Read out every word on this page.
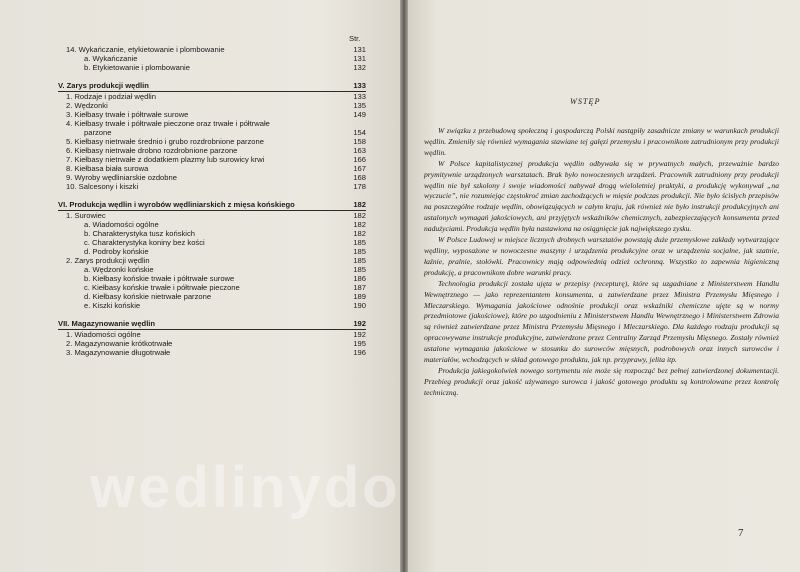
Str.
14. Wykańczanie, etykietowanie i plombowanie	131
a. Wykańczanie	131
b. Etykietowanie i plombowanie	132
V. Zarys produkcji wędlin	133
1. Rodzaje i podział wędlin	133
2. Wędzonki	135
3. Kiełbasy trwałe i półtrwałe surowe	149
4. Kiełbasy trwałe i półtrwałe pieczone oraz trwałe i półtrwałe
parzone	154
5. Kiełbasy nietrwałe średnio i grubo rozdrobnione parzone	158
6. Kiełbasy nietrwałe drobno rozdrobnione parzone	163
7. Kiełbasy nietrwałe z dodatkiem plazmy lub surowicy krwi	166
8. Kiełbasa biała surowa	167
9. Wyroby wędliniarskie ozdobne	168
10. Salcesony i kiszki	178
VI. Produkcja wędlin i wyrobów wędliniarskich z mięsa końskiego	182
1. Surowiec	182
a. Wiadomości ogólne	182
b. Charakterystyka tusz końskich	182
c. Charakterystyka koniny bez kości	185
d. Podroby końskie	185
2. Zarys produkcji wędlin	185
a. Wędzonki końskie	185
b. Kiełbasy końskie trwałe i półtrwałe surowe	186
c. Kiełbasy końskie trwałe i półtrwałe pieczone	187
d. Kiełbasy końskie nietrwałe parzone	189
e. Kiszki końskie	190
VII. Magazynowanie wędlin	192
1. Wiadomości ogólne	192
2. Magazynowanie krótkotrwałe	195
3. Magazynowanie długotrwałe	196
WSTĘP

W związku z przebudową społeczną i gospodarczą Polski nastąpiły zasadnicze zmiany w warunkach produkcji wędlin. Zmieniły się również wymagania stawiane tej gałęzi przemysłu i pracownikom zatrudnionym przy produkcji wędlin.

W Polsce kapitalistycznej produkcja wędlin odbywała się w prywatnych małych, przeważnie bardzo prymitywnie urządzonych warsztatach. Brak było nowoczesnych urządzeń. Pracownik zatrudniony przy produkcji wędlin nie był szkolony i swoje wiadomości nabywał drogą wieloletniej praktyki, a produkcję wykonywał „na wyczucie”, nie rozumiejąc częstokroć zmian zachodzących w mięsie podczas produkcji. Nie było ścisłych przepisów na poszczególne rodzaje wędlin, obowiązujących w całym kraju, jak również nie było instrukcji produkcyjnych ani ustalonych wymagań jakościowych, ani przyjętych wskaźników chemicznych, zabezpieczających konsumenta przed nadużyciami. Produkcja wędlin była nastawiona na osiągnięcie jak największego zysku.

W Polsce Ludowej w miejsce licznych drobnych warsztatów powstają duże przemysłowe zakłady wytwarzające wędliny, wyposażone w nowoczesne maszyny i urządzenia produkcyjne oraz w urządzenia socjalne, jak szatnie, łaźnie, pralnie, stołówki. Pracownicy mają odpowiednią odzież ochronną. Wszystko to zapewnia higieniczną produkcję, a pracownikom dobre warunki pracy.

Technologia produkcji została ujęta w przepisy (recepturę), które są uzgadniane z Ministerstwem Handlu Wewnętrznego — jako reprezentantem konsumenta, a zatwierdzane przez Ministra Przemysłu Mięsnego i Mleczarskiego. Wymagania jakościowe odnośnie produkcji oraz wskaźniki chemiczne ujęte są w normy przedmiotowe (jakościowe), które po uzgodnieniu z Ministerstwem Handlu Wewnętrznego i Ministerstwem Zdrowia są również zatwierdzane przez Ministra Przemysłu Mięsnego i Mleczarskiego. Dla każdego rodzaju produkcji są opracowywane instrukcje produkcyjne, zatwierdzone przez Centralny Zarząd Przemysłu Mięsnego. Zostały również ustalone wymagania jakościowe w stosunku do surowców mięsnych, podrobowych oraz innych surowców i materiałów, wchodzących w skład gotowego produktu, jak np. przyprawy, jelita itp.

Produkcja jakiegokolwiek nowego sortymentu nie może się rozpocząć bez pełnej zatwierdzonej dokumentacji. Przebieg produkcji oraz jakość używanego surowca i jakość gotowego produktu są kontrolowane przez kontrolę techniczną.

7
wedlinydo
